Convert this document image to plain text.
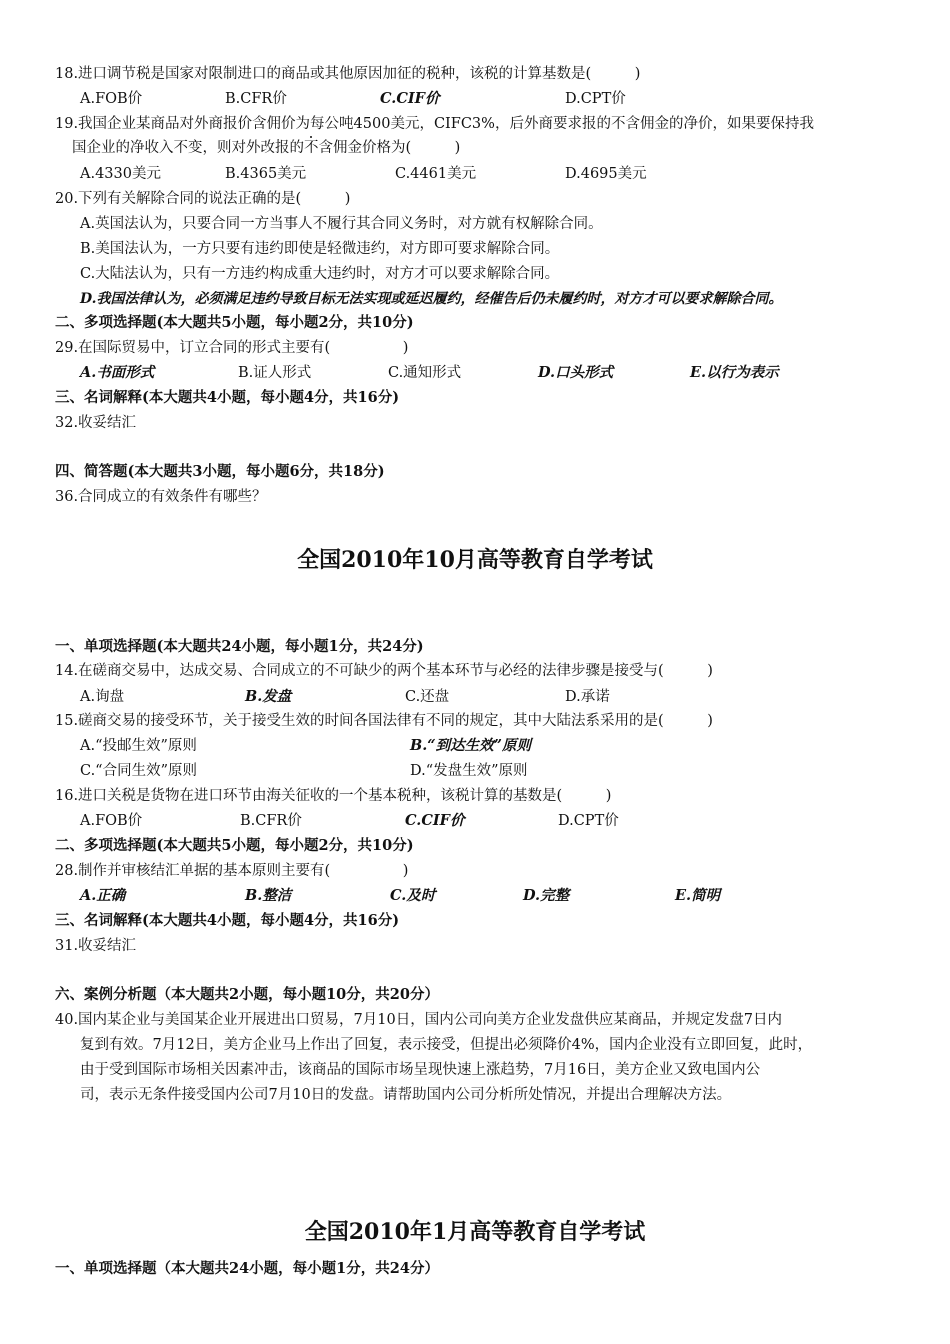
18.进口调节税是国家对限制进口的商品或其他原因加征的税种，该税的计算基数是(　　　)
A.FOB价	B.CFR价	C.CIF价	D.CPT价
19.我国企业某商品对外商报价含佣价为每公吨4500美元，CIFC3%，后外商要求报的不含佣金的净价，如果要保持我
国企业的净收入不变，则对外改报的不含佣金价格为(　　　)
A.4330美元	B.4365美元	C.4461美元	D.4695美元
20.下列有关解除合同的说法正确的是(　　　)
A.英国法认为，只要合同一方当事人不履行其合同义务时，对方就有权解除合同。
B.美国法认为，一方只要有违约即使是轻微违约，对方即可要求解除合同。
C.大陆法认为，只有一方违约构成重大违约时，对方才可以要求解除合同。
D.我国法律认为，必须满足违约导致目标无法实现或延迟履约，经催告后仍未履约时，对方才可以要求解除合同。
二、多项选择题(本大题共5小题，每小题2分，共10分)
29.在国际贸易中，订立合同的形式主要有(　　　　　)
A.书面形式	B.证人形式	C.通知形式	D.口头形式	E.以行为表示
三、名词解释(本大题共4小题，每小题4分，共16分)
32.收妥结汇
四、简答题(本大题共3小题，每小题6分，共18分)
36.合同成立的有效条件有哪些？
全国2010年10月高等教育自学考试
一、单项选择题(本大题共24小题，每小题1分，共24分)
14.在磋商交易中，达成交易、合同成立的不可缺少的两个基本环节与必经的法律步骤是接受与(　　　)
A.询盘	B.发盘	C.还盘	D.承诺
15.磋商交易的接受环节，关于接受生效的时间各国法律有不同的规定，其中大陆法系采用的是(　　　)
A.“投邮生效”原则	B.“到达生效”原则
C.“合同生效”原则	D.“发盘生效”原则
16.进口关税是货物在进口环节由海关征收的一个基本税种，该税计算的基数是(　　　)
A.FOB价	B.CFR价	C.CIF价	D.CPT价
二、多项选择题(本大题共5小题，每小题2分，共10分)
28.制作并审核结汇单据的基本原则主要有(　　　　　)
A.正确	B.整洁	C.及时	D.完整	E.简明
三、名词解释(本大题共4小题，每小题4分，共16分)
31.收妥结汇
六、案例分析题（本大题共2小题，每小题10分，共20分）
40.国内某企业与美国某企业开展进出口贸易，7月10日，国内公司向美方企业发盘供应某商品，并规定发盘7日内
复到有效。7月12日，美方企业马上作出了回复，表示接受，但提出必须降价4%，国内企业没有立即回复，此时，
由于受到国际市场相关因素冲击，该商品的国际市场呈现快速上涨趋势，7月16日，美方企业又致电国内公
司，表示无条件接受国内公司7月10日的发盘。请帮助国内公司分析所处情况，并提出合理解决方法。
全国2010年1月高等教育自学考试
一、单项选择题（本大题共24小题，每小题1分，共24分）
